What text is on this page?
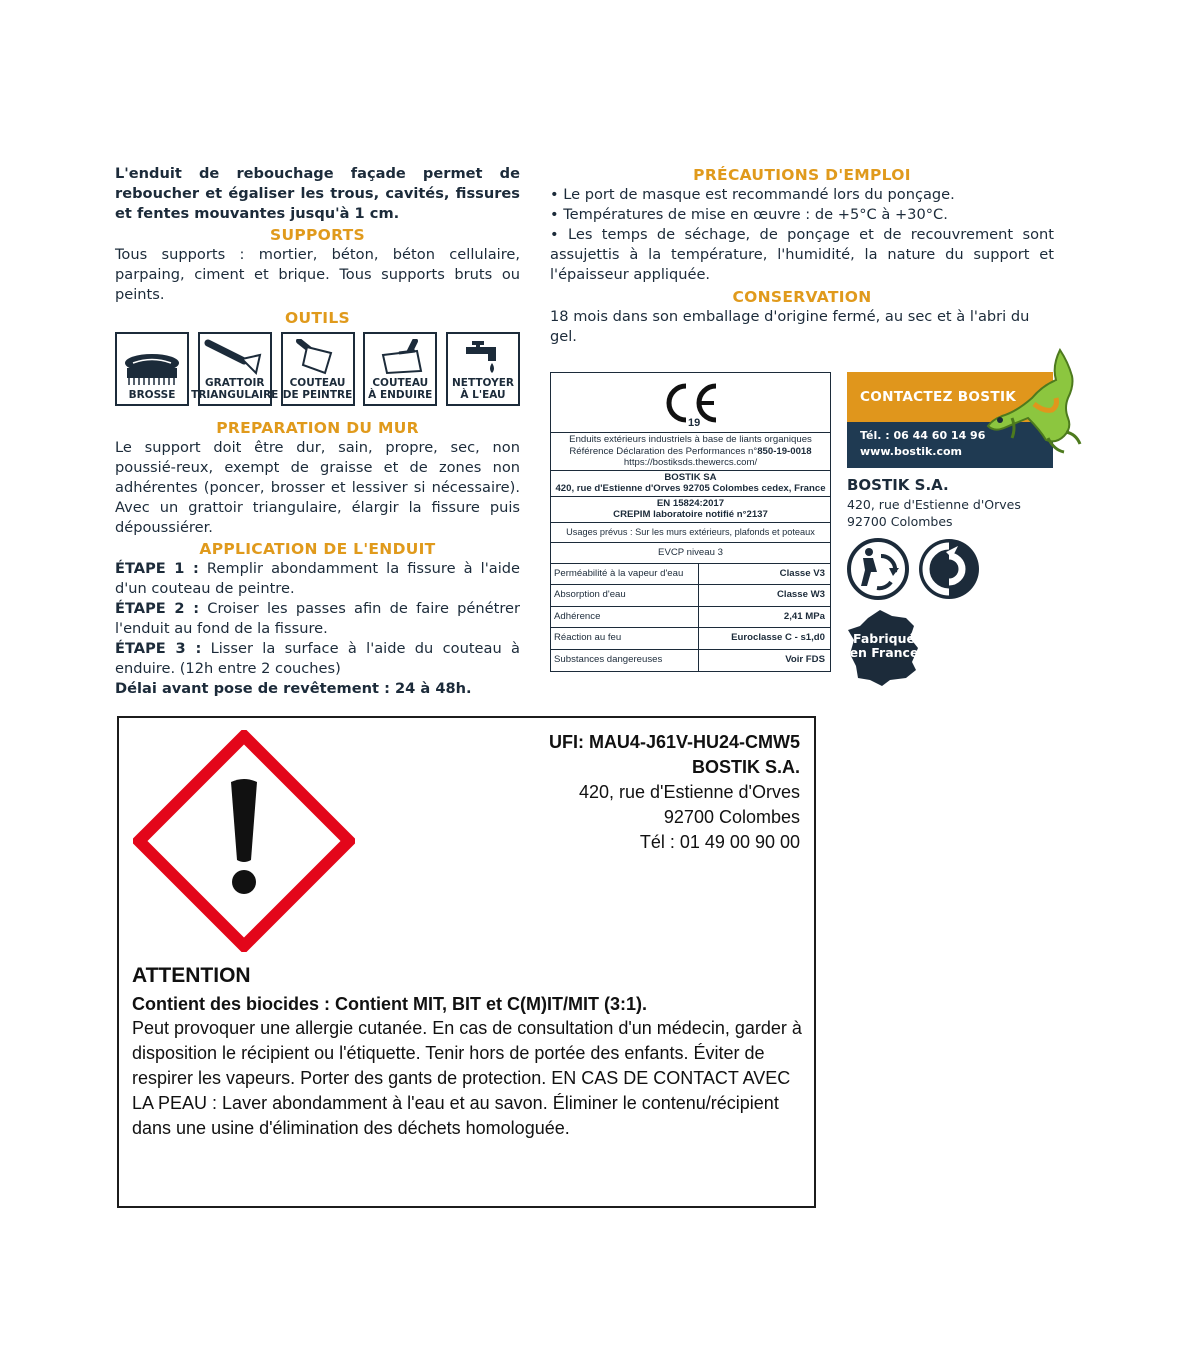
L'enduit de rebouchage façade permet de reboucher et égaliser les trous, cavités, fissures et fentes mouvantes jusqu'à 1 cm.

SUPPORTS

Tous supports : mortier, béton, béton cellulaire, parpaing, ciment et brique. Tous supports bruts ou peints.

OUTILS
BROSSE
GRATTOIR
TRIANGULAIRE
COUTEAU
DE PEINTRE
COUTEAU
À ENDUIRE
NETTOYER
À L'EAU
PREPARATION DU MUR

Le support doit être dur, sain, propre, sec, non poussié-reux, exempt de graisse et de zones non adhérentes (poncer, brosser et lessiver si nécessaire). Avec un grattoir triangulaire, élargir la fissure puis dépoussiérer.

APPLICATION DE L'ENDUIT

ÉTAPE 1 : Remplir abondamment la fissure à l'aide d'un couteau de peintre.

ÉTAPE 2 : Croiser les passes afin de faire pénétrer l'enduit au fond de la fissure.

ÉTAPE 3 : Lisser la surface à l'aide du couteau à enduire. (12h entre 2 couches)

Délai avant pose de revêtement : 24 à 48h.

PRÉCAUTIONS D'EMPLOI

• Le port de masque est recommandé lors du ponçage.

• Températures de mise en œuvre : de +5°C à +30°C.

• Les temps de séchage, de ponçage et de recouvrement sont assujettis à la température, l'humidité, la nature du support et l'épaisseur appliquée.

CONSERVATION

18 mois dans son emballage d'origine fermé, au sec et à l'abri du gel.

19
Enduits extérieurs industriels à base de liants organiques
Référence Déclaration des Performances n°850-19-0018
https://bostiksds.thewercs.com/
BOSTIK SA
420, rue d'Estienne d'Orves 92705 Colombes cedex, France
EN 15824:2017
CREPIM laboratoire notifié n°2137
Usages prévus : Sur les murs extérieurs, plafonds et poteaux
EVCP niveau 3
Perméabilité à la vapeur d'eau	Classe V3
Absorption d'eau	Classe W3
Adhérence	2,41 MPa
Réaction au feu	Euroclasse C - s1,d0
Substances dangereuses	Voir FDS
CONTACTEZ BOSTIK
Tél. : 06 44 60 14 96
www.bostik.com
BOSTIK S.A.
420, rue d'Estienne d'Orves
92700 Colombes
Fabriqué
en France
UFI: MAU4-J61V-HU24-CMW5
BOSTIK S.A.
420, rue d'Estienne d'Orves
92700 Colombes
Tél : 01 49 00 90 00
ATTENTION
Contient des biocides : Contient MIT, BIT et C(M)IT/MIT (3:1).
Peut provoquer une allergie cutanée. En cas de consultation d'un médecin, garder à disposition le récipient ou l'étiquette. Tenir hors de portée des enfants. Éviter de respirer les vapeurs. Porter des gants de protection. EN CAS DE CONTACT AVEC LA PEAU : Laver abondamment à l'eau et au savon. Éliminer le contenu/récipient dans une usine d'élimination des déchets homologuée.
